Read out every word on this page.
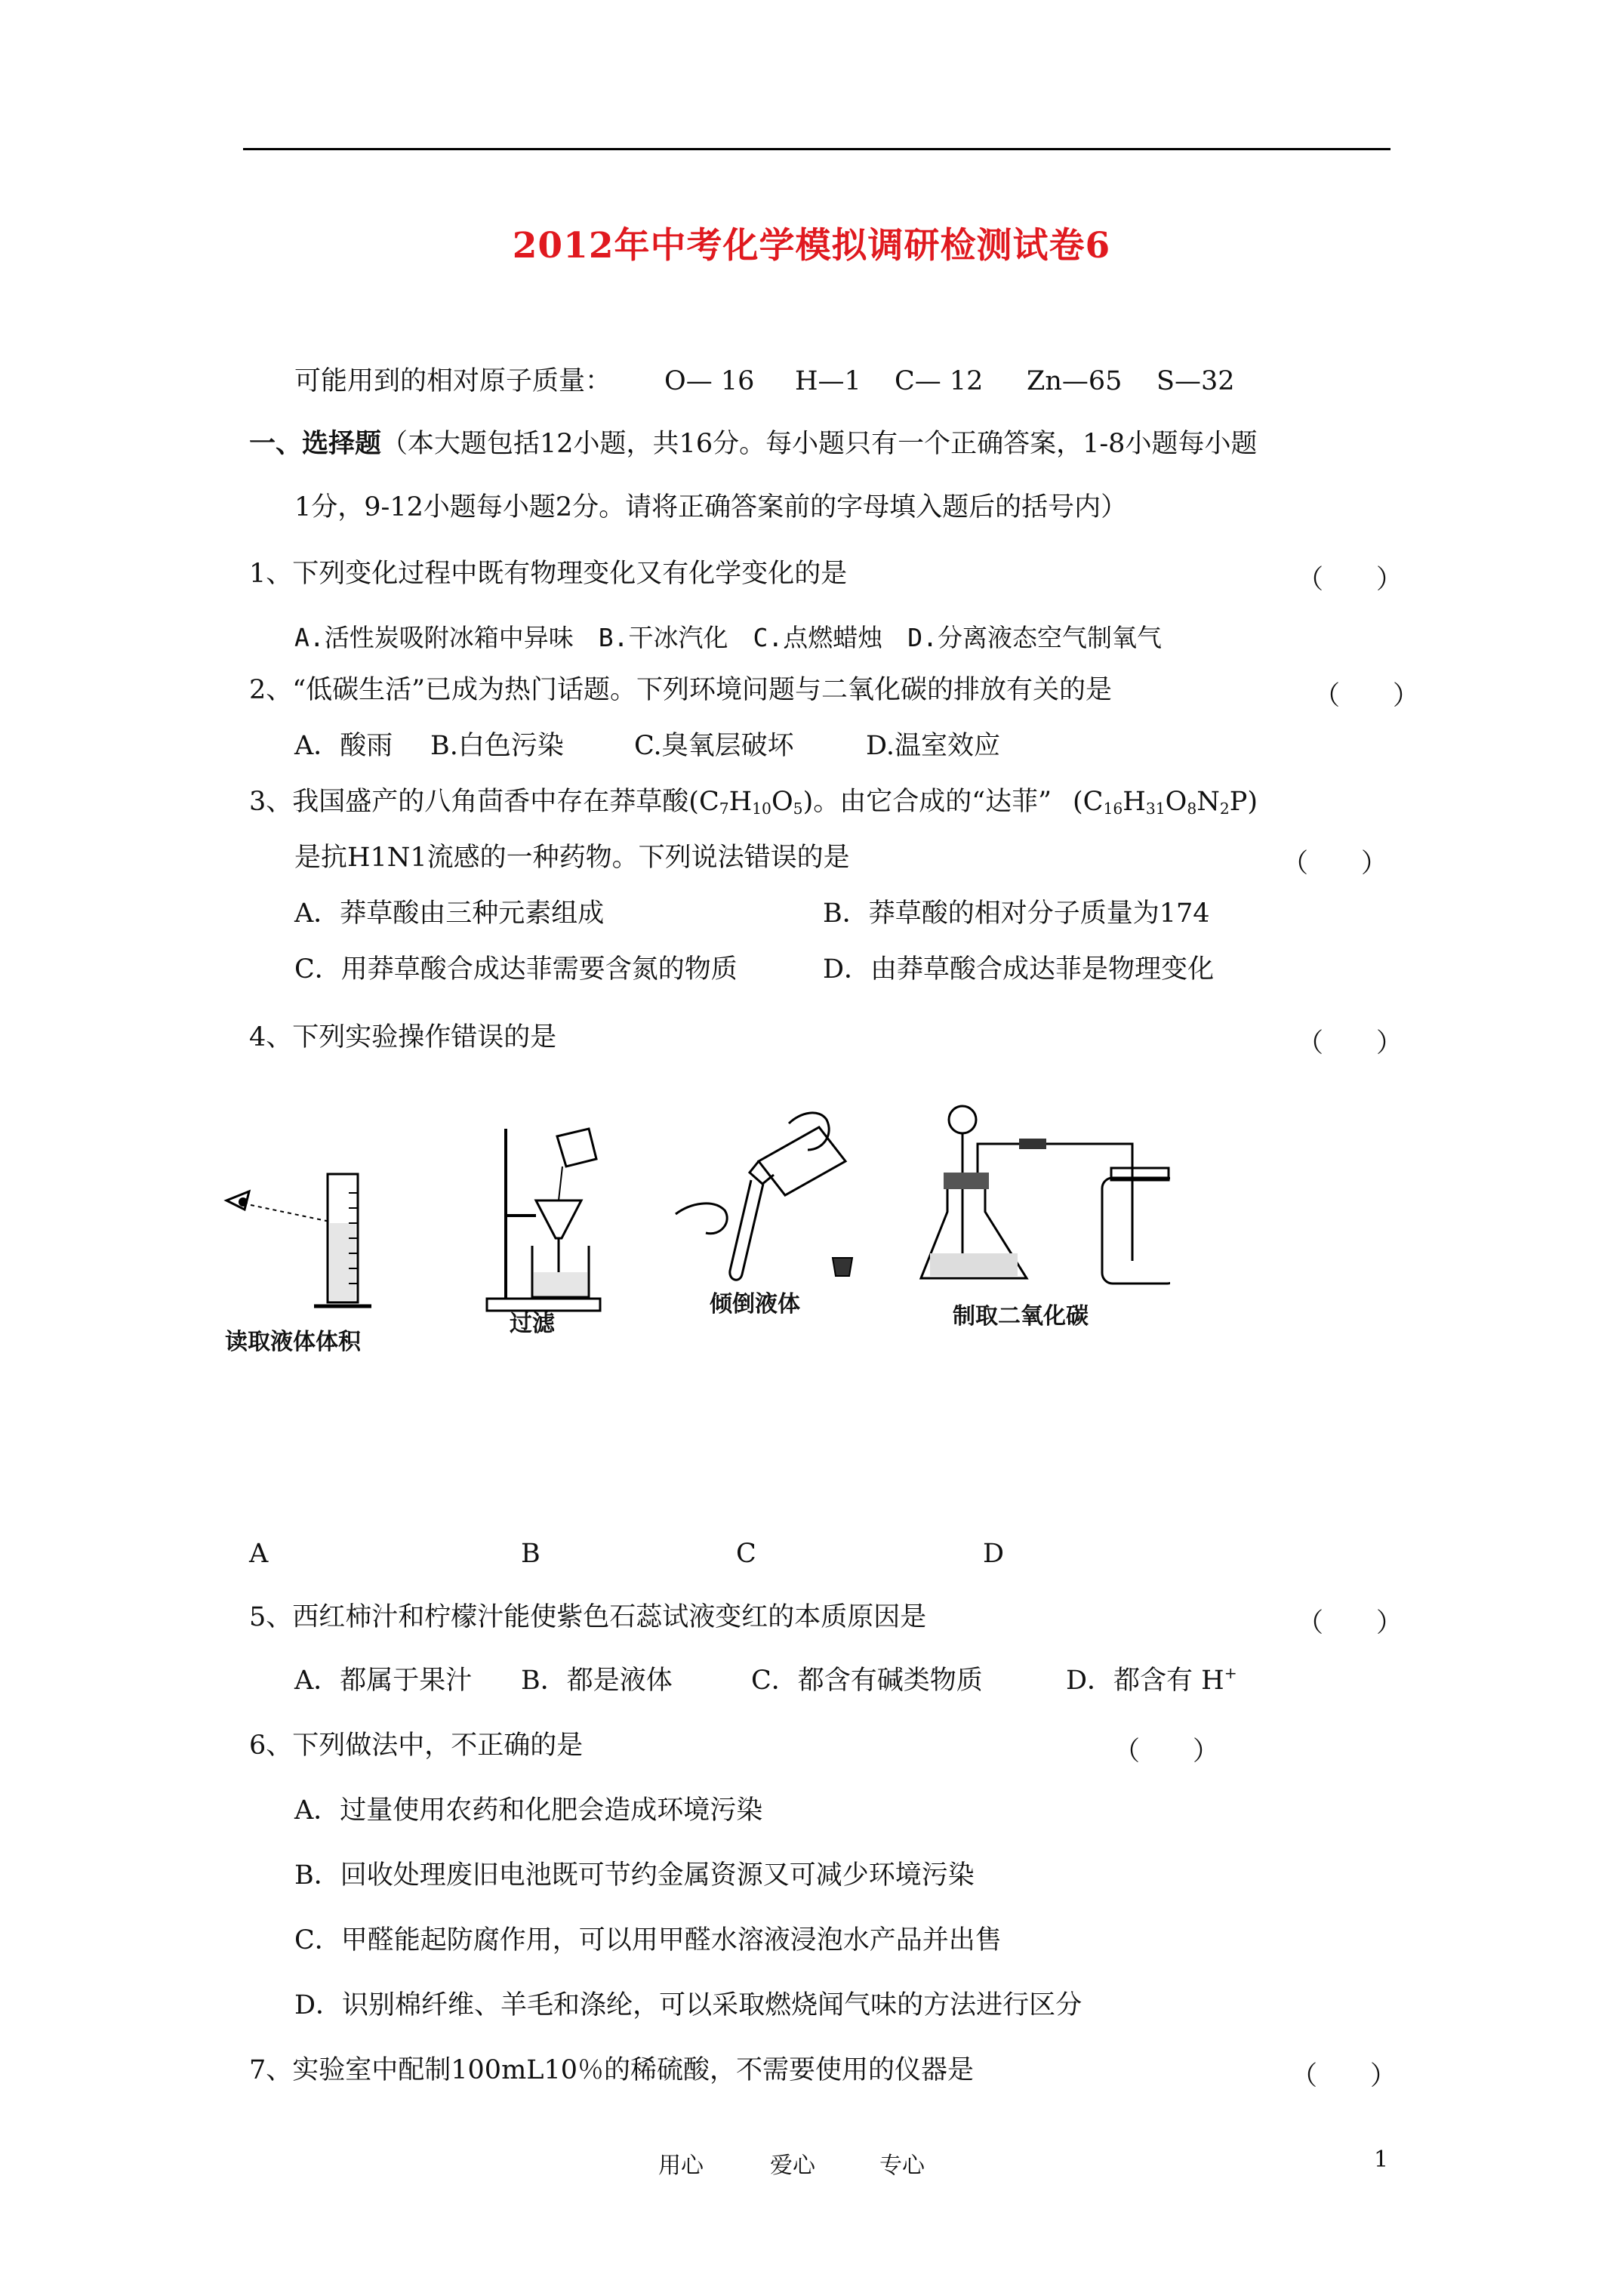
2012年中考化学模拟调研检测试卷6
可能用到的相对原子质量： O— 16 H—1 C— 12 Zn—65 S—32
一、选择题（本大题包括12小题，共16分。每小题只有一个正确答案，1-8小题每小题
1分，9-12小题每小题2分。请将正确答案前的字母填入题后的括号内）
1、下列变化过程中既有物理变化又有化学变化的是	（　　）
A.活性炭吸附冰箱中异味　B.干冰汽化　C.点燃蜡烛　D.分离液态空气制氧气
2、“低碳生活”已成为热门话题。下列环境问题与二氧化碳的排放有关的是	（　　）
A．酸雨 B.白色污染	C.臭氧层破坏	D.温室效应
3、我国盛产的八角茴香中存在莽草酸$(C_7H_{10}O_5)$。由它合成的“达菲” $(C_{16}H_{31}O_8N_2P)$
是抗H1N1流感的一种药物。下列说法错误的是	（　　）
A．莽草酸由三种元素组成	B．莽草酸的相对分子质量为174
C．用莽草酸合成达菲需要含氮的物质	D．由莽草酸合成达菲是物理变化
4、下列实验操作错误的是	（　　）
读取液体体积
过滤
倾倒液体	制取二氧化碳
A	B	C	D
5、西红柿汁和柠檬汁能使紫色石蕊试液变红的本质原因是	（　　）
A．都属于果汁 B．都是液体	C．都含有碱类物质	D．都含有 H+
6、下列做法中，不正确的是	（　　）
A．过量使用农药和化肥会造成环境污染
B．回收处理废旧电池既可节约金属资源又可减少环境污染
C．甲醛能起防腐作用，可以用甲醛水溶液浸泡水产品并出售
D．识别棉纤维、羊毛和涤纶，可以采取燃烧闻气味的方法进行区分
7、实验室中配制100mL10％的稀硫酸，不需要使用的仪器是	（　　）
用心	爱心	专心	1
